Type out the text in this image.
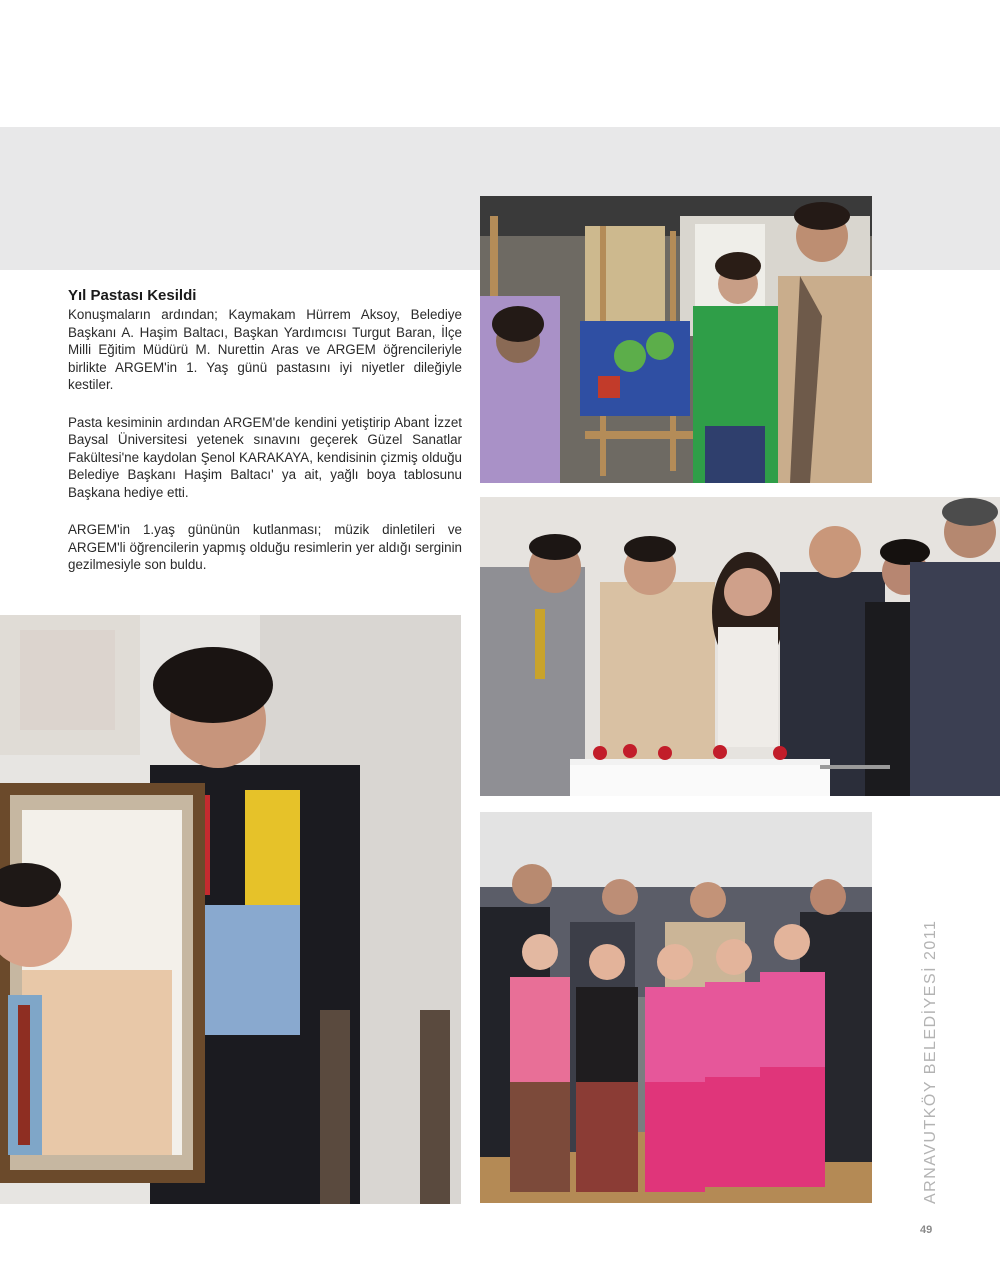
Yıl Pastası Kesildi

Konuşmaların ardından; Kaymakam Hürrem Aksoy, Belediye Başkanı A. Haşim Baltacı, Başkan Yardımcısı Turgut Baran, İlçe Milli Eğitim Müdürü M. Nurettin Aras ve ARGEM öğrencileriyle birlikte ARGEM'in 1. Yaş günü pastasını iyi niyetler dileğiyle kestiler.

Pasta kesiminin ardından ARGEM'de kendini yetiştirip Abant İzzet Baysal Üniversitesi yetenek sınavını geçerek Güzel Sanatlar Fakültesi'ne kaydolan Şenol KARAKAYA, kendisinin çizmiş olduğu Belediye Başkanı Haşim Baltacı' ya ait, yağlı boya tablosunu Başkana hediye etti.

ARGEM'in 1.yaş gününün kutlanması; müzik dinletileri ve ARGEM'li öğrencilerin yapmış olduğu resimlerin yer aldığı serginin gezilmesiyle son buldu.

ARNAVUTKÖY BELEDİYESİ 2011
49
